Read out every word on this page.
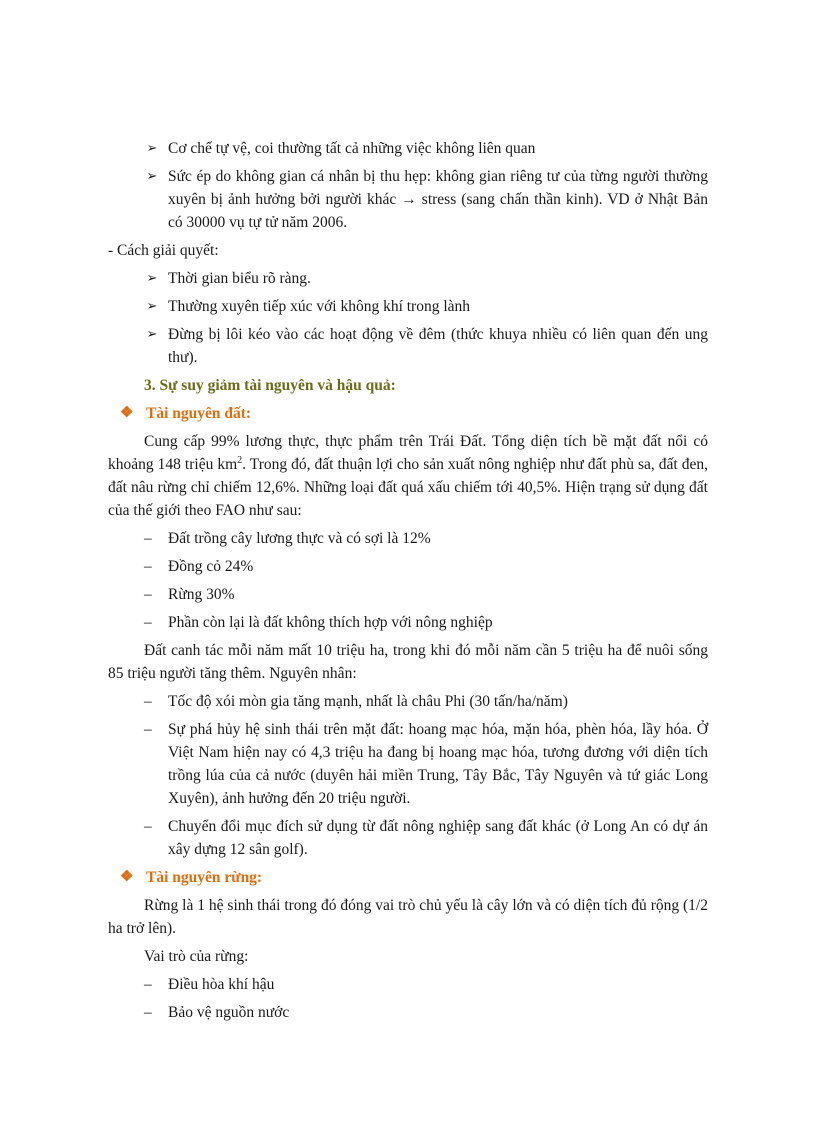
➢ Cơ chế tự vệ, coi thường tất cả những việc không liên quan
➢ Sức ép do không gian cá nhân bị thu hẹp: không gian riêng tư của từng người thường xuyên bị ảnh hưởng bởi người khác → stress (sang chấn thần kinh). VD ở Nhật Bản có 30000 vụ tự tử năm 2006.
- Cách giải quyết:
➢ Thời gian biểu rõ ràng.
➢ Thường xuyên tiếp xúc với không khí trong lành
➢ Đừng bị lôi kéo vào các hoạt động về đêm (thức khuya nhiều có liên quan đến ung thư).
3. Sự suy giảm tài nguyên và hậu quả:
❖ Tài nguyên đất:
Cung cấp 99% lương thực, thực phẩm trên Trái Đất. Tổng diện tích bề mặt đất nổi có khoảng 148 triệu $km^2$. Trong đó, đất thuận lợi cho sản xuất nông nghiệp như đất phù sa, đất đen, đất nâu rừng chỉ chiếm 12,6%. Những loại đất quá xấu chiếm tới 40,5%. Hiện trạng sử dụng đất của thế giới theo FAO như sau:
– Đất trồng cây lương thực và có sợi là 12%
– Đồng cỏ 24%
– Rừng 30%
– Phần còn lại là đất không thích hợp với nông nghiệp
Đất canh tác mỗi năm mất 10 triệu ha, trong khi đó mỗi năm cần 5 triệu ha để nuôi sống 85 triệu người tăng thêm. Nguyên nhân:
– Tốc độ xói mòn gia tăng mạnh, nhất là châu Phi (30 tấn/ha/năm)
– Sự phá hủy hệ sinh thái trên mặt đất: hoang mạc hóa, mặn hóa, phèn hóa, lầy hóa. Ở Việt Nam hiện nay có 4,3 triệu ha đang bị hoang mạc hóa, tương đương với diện tích trồng lúa của cả nước (duyên hải miền Trung, Tây Bắc, Tây Nguyên và tứ giác Long Xuyên), ảnh hưởng đến 20 triệu người.
– Chuyển đổi mục đích sử dụng từ đất nông nghiệp sang đất khác (ở Long An có dự án xây dựng 12 sân golf).
❖ Tài nguyên rừng:
Rừng là 1 hệ sinh thái trong đó đóng vai trò chủ yếu là cây lớn và có diện tích đủ rộng (1/2 ha trở lên).
Vai trò của rừng:
– Điều hòa khí hậu
– Bảo vệ nguồn nước
